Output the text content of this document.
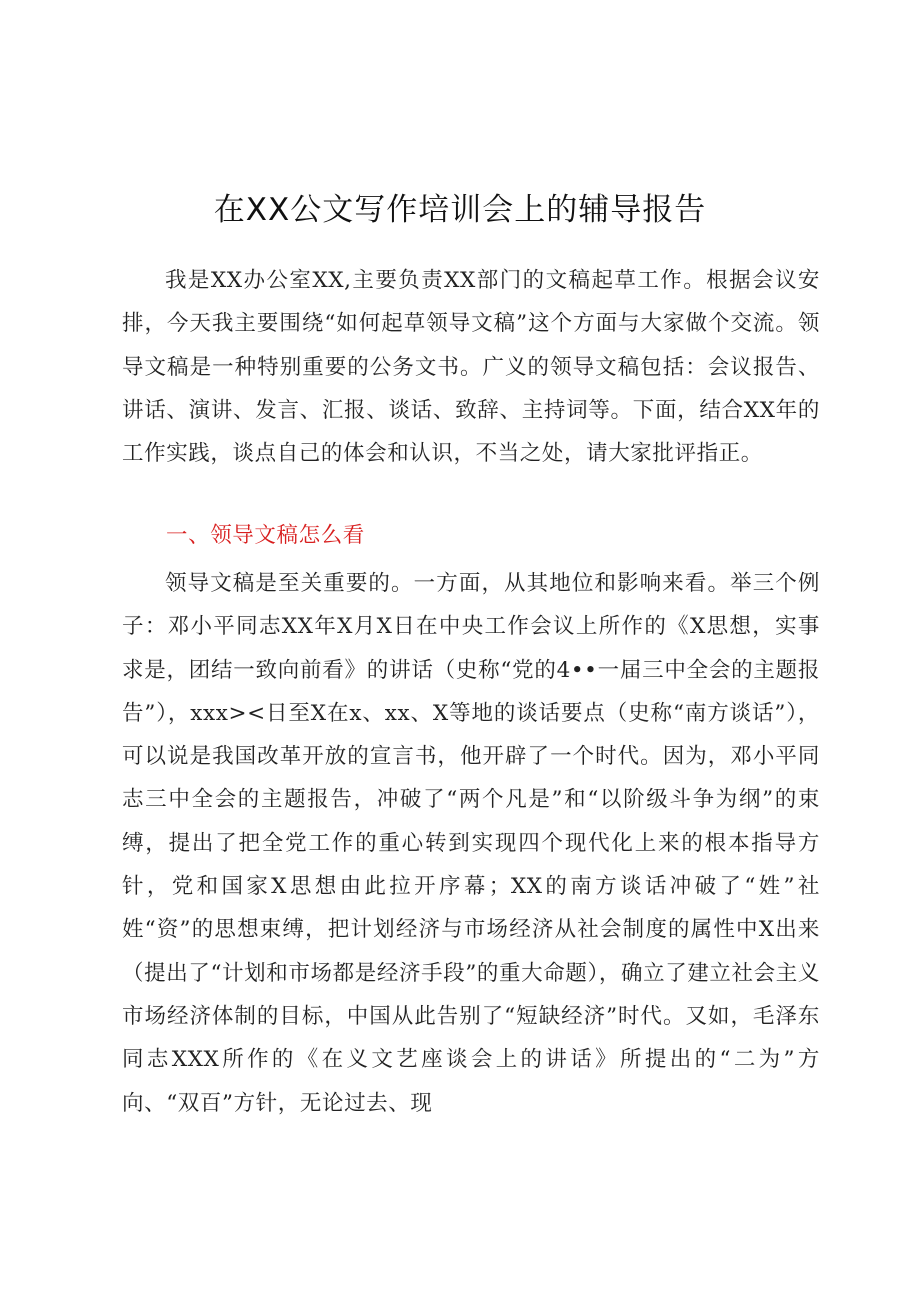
在XX公文写作培训会上的辅导报告

我是XX办公室XX,主要负责XX部门的文稿起草工作。根据会议安排，今天我主要围绕“如何起草领导文稿”这个方面与大家做个交流。领导文稿是一种特别重要的公务文书。广义的领导文稿包括：会议报告、讲话、演讲、发言、汇报、谈话、致辞、主持词等。下面，结合XX年的工作实践，谈点自己的体会和认识，不当之处，请大家批评指正。

一、领导文稿怎么看

领导文稿是至关重要的。一方面，从其地位和影响来看。举三个例子：邓小平同志XX年X月X日在中央工作会议上所作的《X思想，实事求是，团结一致向前看》的讲话（史称“党的4••一届三中全会的主题报告”），xxx><日至X在x、xx、X等地的谈话要点（史称“南方谈话”），可以说是我国改革开放的宣言书，他开辟了一个时代。因为，邓小平同志三中全会的主题报告，冲破了“两个凡是”和“以阶级斗争为纲”的束缚，提出了把全党工作的重心转到实现四个现代化上来的根本指导方针，党和国家X思想由此拉开序幕；XX的南方谈话冲破了“姓”社姓“资”的思想束缚，把计划经济与市场经济从社会制度的属性中X出来（提出了“计划和市场都是经济手段”的重大命题），确立了建立社会主义市场经济体制的目标，中国从此告别了“短缺经济”时代。又如，毛泽东同志XXX所作的《在义文艺座谈会上的讲话》所提出的“二为”方向、“双百”方针，无论过去、现
